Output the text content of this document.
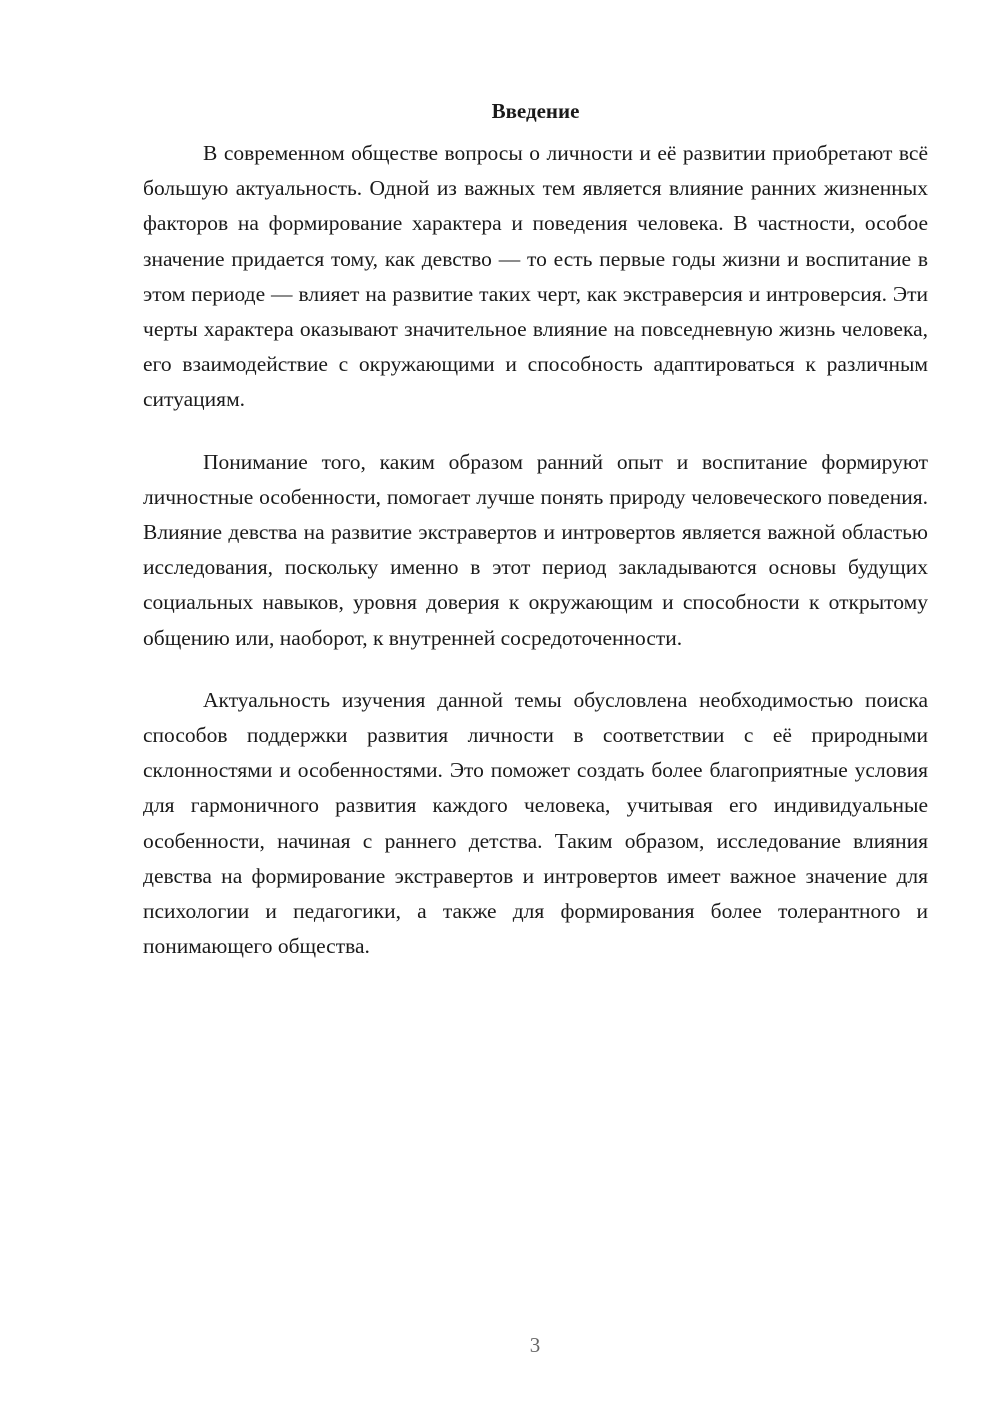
Введение

В современном обществе вопросы о личности и её развитии приобретают всё большую актуальность. Одной из важных тем является влияние ранних жизненных факторов на формирование характера и поведения человека. В частности, особое значение придается тому, как девство — то есть первые годы жизни и воспитание в этом периоде — влияет на развитие таких черт, как экстраверсия и интроверсия. Эти черты характера оказывают значительное влияние на повседневную жизнь человека, его взаимодействие с окружающими и способность адаптироваться к различным ситуациям.

Понимание того, каким образом ранний опыт и воспитание формируют личностные особенности, помогает лучше понять природу человеческого поведения. Влияние девства на развитие экстравертов и интровертов является важной областью исследования, поскольку именно в этот период закладываются основы будущих социальных навыков, уровня доверия к окружающим и способности к открытому общению или, наоборот, к внутренней сосредоточенности.

Актуальность изучения данной темы обусловлена необходимостью поиска способов поддержки развития личности в соответствии с её природными склонностями и особенностями. Это поможет создать более благоприятные условия для гармоничного развития каждого человека, учитывая его индивидуальные особенности, начиная с раннего детства. Таким образом, исследование влияния девства на формирование экстравертов и интровертов имеет важное значение для психологии и педагогики, а также для формирования более толерантного и понимающего общества.

3
